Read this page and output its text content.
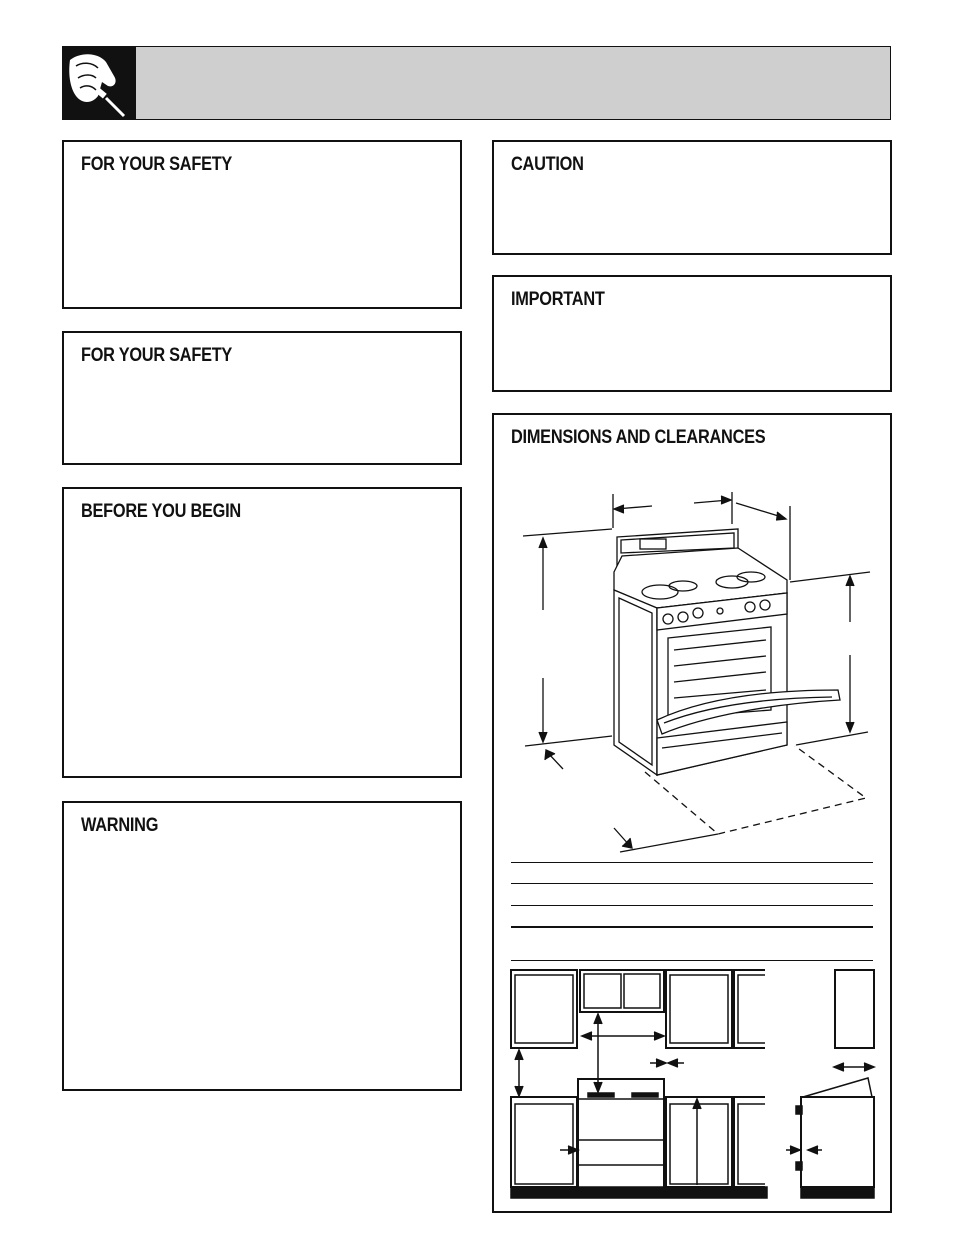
FOR YOUR SAFETY
FOR YOUR SAFETY
BEFORE YOU BEGIN
WARNING
CAUTION
IMPORTANT
DIMENSIONS AND CLEARANCES
